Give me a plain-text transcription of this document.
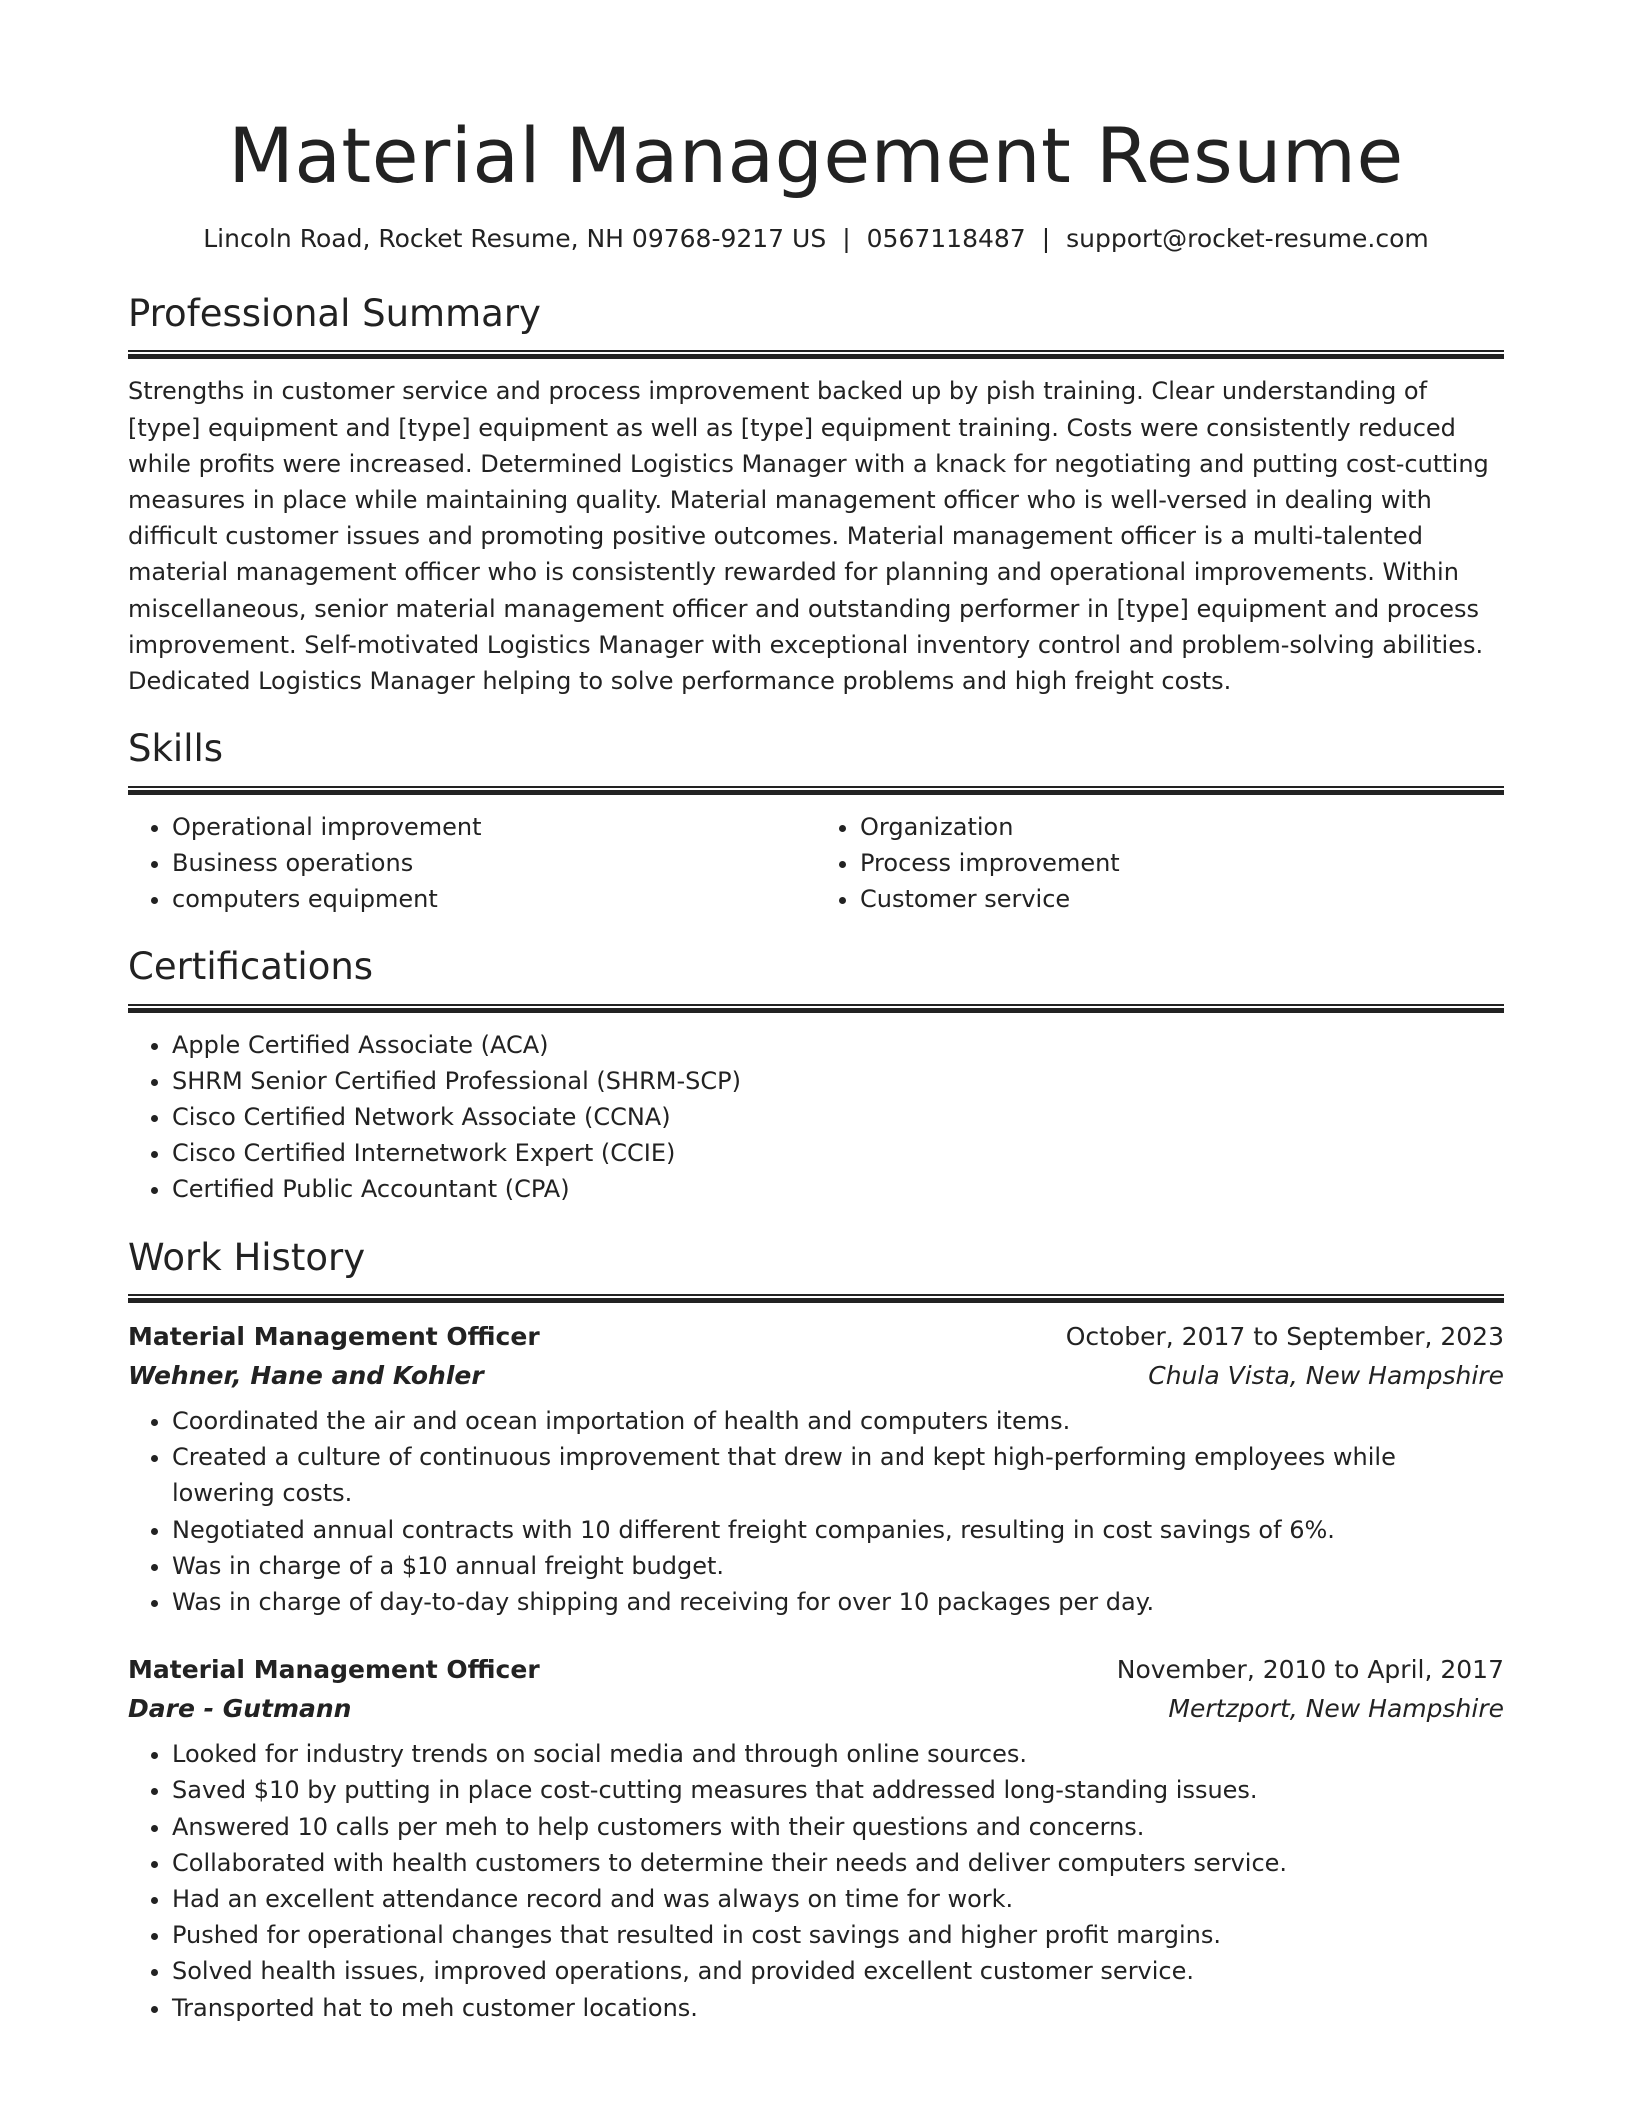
Material Management Resume
Lincoln Road, Rocket Resume, NH 09768-9217 US | 0567118487 | support@rocket-resume.com
Professional Summary

Strengths in customer service and process improvement backed up by pish training. Clear understanding of [type] equipment and [type] equipment as well as [type] equipment training. Costs were consistently reduced while profits were increased. Determined Logistics Manager with a knack for negotiating and putting cost-cutting measures in place while maintaining quality. Material management officer who is well-versed in dealing with difficult customer issues and promoting positive outcomes. Material management officer is a multi-talented material management officer who is consistently rewarded for planning and operational improvements. Within miscellaneous, senior material management officer and outstanding performer in [type] equipment and process improvement. Self-motivated Logistics Manager with exceptional inventory control and problem-solving abilities. Dedicated Logistics Manager helping to solve performance problems and high freight costs.

Skills
• Operational improvement
• Business operations
• computers equipment
• Organization
• Process improvement
• Customer service
Certifications
• Apple Certified Associate (ACA)
• SHRM Senior Certified Professional (SHRM-SCP)
• Cisco Certified Network Associate (CCNA)
• Cisco Certified Internetwork Expert (CCIE)
• Certified Public Accountant (CPA)
Work History
Material Management Officer	October, 2017 to September, 2023
Wehner, Hane and Kohler	Chula Vista, New Hampshire
• Coordinated the air and ocean importation of health and computers items.
• Created a culture of continuous improvement that drew in and kept high-performing employees while lowering costs.
• Negotiated annual contracts with 10 different freight companies, resulting in cost savings of 6%.
• Was in charge of a $10 annual freight budget.
• Was in charge of day-to-day shipping and receiving for over 10 packages per day.
Material Management Officer	November, 2010 to April, 2017
Dare - Gutmann	Mertzport, New Hampshire
• Looked for industry trends on social media and through online sources.
• Saved $10 by putting in place cost-cutting measures that addressed long-standing issues.
• Answered 10 calls per meh to help customers with their questions and concerns.
• Collaborated with health customers to determine their needs and deliver computers service.
• Had an excellent attendance record and was always on time for work.
• Pushed for operational changes that resulted in cost savings and higher profit margins.
• Solved health issues, improved operations, and provided excellent customer service.
• Transported hat to meh customer locations.
